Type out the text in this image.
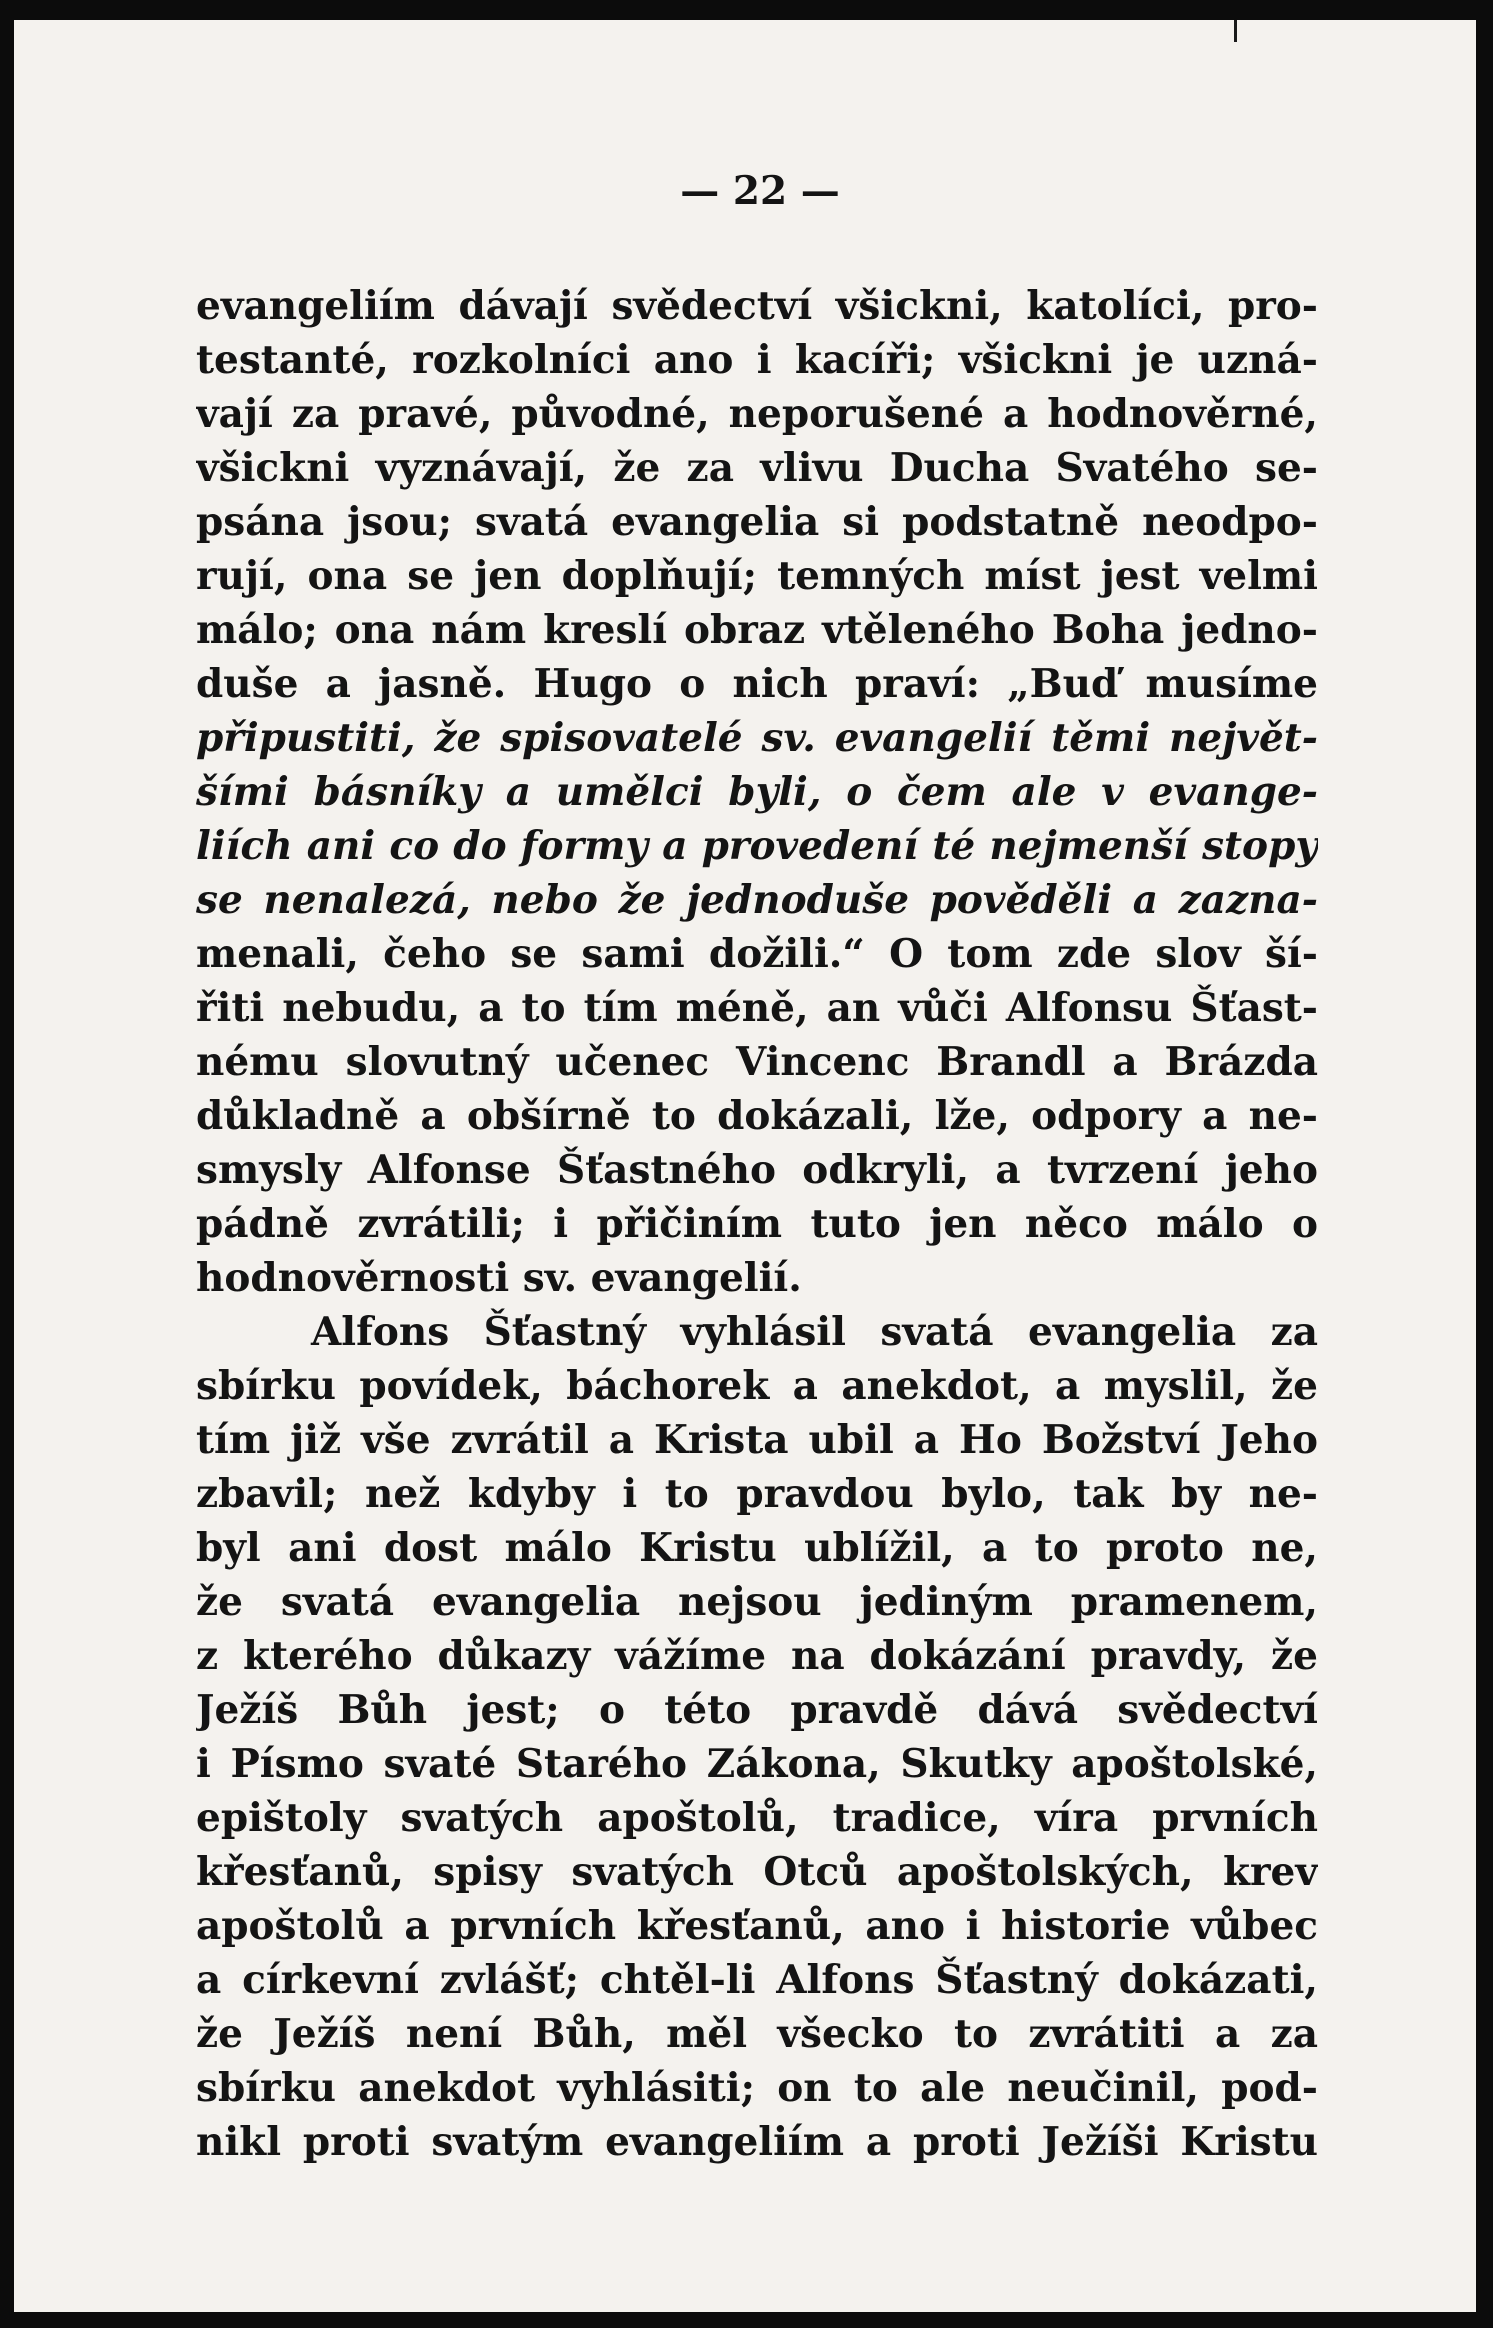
— 22 —
evangeliím dávají svědectví všickni, katolíci, pro-
testanté, rozkolníci ano i kacíři; všickni je uzná-
vají za pravé, původné, neporušené a hodnověrné,
všickni vyznávají, že za vlivu Ducha Svatého se-
psána jsou; svatá evangelia si podstatně neodpo-
rují, ona se jen doplňují; temných míst jest velmi
málo; ona nám kreslí obraz vtěleného Boha jedno-
duše a jasně. Hugo o nich praví: „Buď musíme
připustiti, že spisovatelé sv. evangelií těmi největ-
šími básníky a umělci byli, o čem ale v evange-
liích ani co do formy a provedení té nejmenší stopy
se nenalezá, nebo že jednoduše pověděli a zazna-
menali, čeho se sami dožili.“ O tom zde slov ší-
řiti nebudu, a to tím méně, an vůči Alfonsu Šťast-
nému slovutný učenec Vincenc Brandl a Brázda
důkladně a obšírně to dokázali, lže, odpory a ne-
smysly Alfonse Šťastného odkryli, a tvrzení jeho
pádně zvrátili; i přičiním tuto jen něco málo o
hodnověrnosti sv. evangelií.
Alfons Šťastný vyhlásil svatá evangelia za
sbírku povídek, báchorek a anekdot, a myslil, že
tím již vše zvrátil a Krista ubil a Ho Božství Jeho
zbavil; než kdyby i to pravdou bylo, tak by ne-
byl ani dost málo Kristu ublížil, a to proto ne,
že svatá evangelia nejsou jediným pramenem,
z kterého důkazy vážíme na dokázání pravdy, že
Ježíš Bůh jest; o této pravdě dává svědectví
i Písmo svaté Starého Zákona, Skutky apoštolské,
epištoly svatých apoštolů, tradice, víra prvních
křesťanů, spisy svatých Otců apoštolských, krev
apoštolů a prvních křesťanů, ano i historie vůbec
a církevní zvlášť; chtěl-li Alfons Šťastný dokázati,
že Ježíš není Bůh, měl všecko to zvrátiti a za
sbírku anekdot vyhlásiti; on to ale neučinil, pod-
nikl proti svatým evangeliím a proti Ježíši Kristu
